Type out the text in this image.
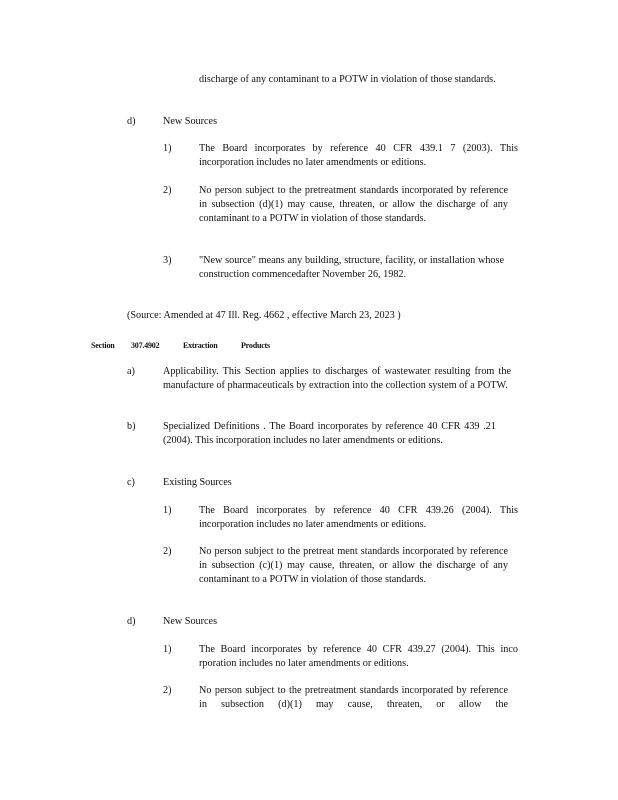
discharge of any contaminant to a POTW in violation of those standards.
d)	New Sources
1)	The Board incorporates by reference 40 CFR 439.1 7 (2003). This incorporation includes no later amendments or editions.
2)	No person subject to the pretreatment standards incorporated by reference in subsection (d)(1) may cause, threaten, or allow the discharge of any contaminant to a POTW in violation of those standards.
3)	"New source" means any building, structure, facility, or installation whose construction commencedafter November 26, 1982.
(Source: Amended at 47 Ill. Reg. 4662 , effective March 23, 2023 )
Section 307.4902	Extraction	Products
a)	Applicability. This Section applies to discharges of wastewater resulting from the manufacture of pharmaceuticals by extraction into the collection system of a POTW.
b)	Specialized Definitions . The Board incorporates by reference 40 CFR 439 .21 (2004). This incorporation includes no later amendments or editions.
c)	Existing Sources
1)	The Board incorporates by reference 40 CFR 439.26 (2004). This incorporation includes no later amendments or editions.
2)	No person subject to the pretreat ment standards incorporated by reference in subsection (c)(1) may cause, threaten, or allow the discharge of any contaminant to a POTW in violation of those standards.
d)	New Sources
1)	The Board incorporates by reference 40 CFR 439.27 (2004). This inco rporation includes no later amendments or editions.
2)	No person subject to the pretreatment standards incorporated by reference in subsection (d)(1) may cause, threaten, or allow the
